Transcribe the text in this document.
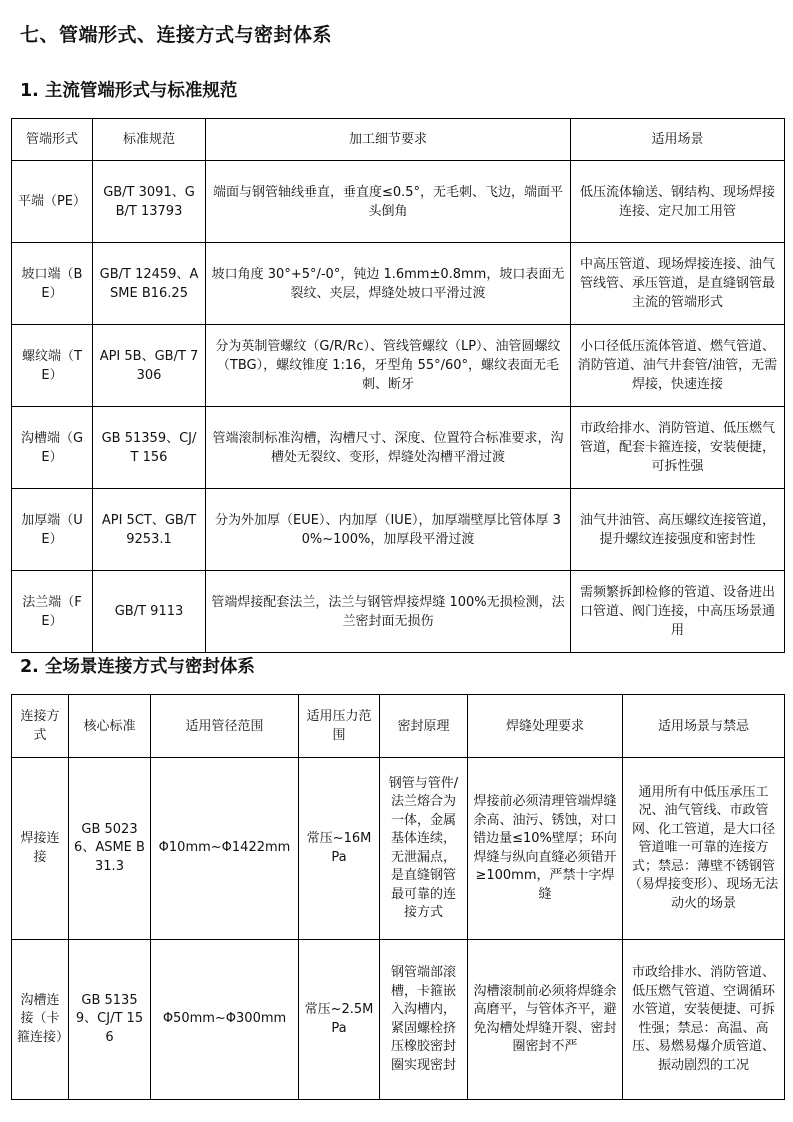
七、管端形式、连接方式与密封体系
1. 主流管端形式与标准规范
管端形式	标准规范	加工细节要求	适用场景
平端（PE）	GB/T 3091、GB/T 13793	端面与钢管轴线垂直，垂直度≤0.5°，无毛刺、飞边，端面平头倒角	低压流体输送、钢结构、现场焊接连接、定尺加工用管
坡口端（BE）	GB/T 12459、ASME B16.25	坡口角度 30°+5°/-0°，钝边 1.6mm±0.8mm，坡口表面无裂纹、夹层，焊缝处坡口平滑过渡	中高压管道、现场焊接连接、油气管线管、承压管道，是直缝钢管最主流的管端形式
螺纹端（TE）	API 5B、GB/T 7306	分为英制管螺纹（G/R/Rc）、管线管螺纹（LP）、油管圆螺纹（TBG），螺纹锥度 1:16，牙型角 55°/60°，螺纹表面无毛刺、断牙	小口径低压流体管道、燃气管道、消防管道、油气井套管/油管，无需焊接，快速连接
沟槽端（GE）	GB 51359、CJ/T 156	管端滚制标准沟槽，沟槽尺寸、深度、位置符合标准要求，沟槽处无裂纹、变形，焊缝处沟槽平滑过渡	市政给排水、消防管道、低压燃气管道，配套卡箍连接，安装便捷，可拆性强
加厚端（UE）	API 5CT、GB/T 9253.1	分为外加厚（EUE）、内加厚（IUE），加厚端壁厚比管体厚 30%~100%，加厚段平滑过渡	油气井油管、高压螺纹连接管道，提升螺纹连接强度和密封性
法兰端（FE）	GB/T 9113	管端焊接配套法兰，法兰与钢管焊接焊缝 100%无损检测，法兰密封面无损伤	需频繁拆卸检修的管道、设备进出口管道、阀门连接，中高压场景通用
2. 全场景连接方式与密封体系
连接方式	核心标准	适用管径范围	适用压力范围	密封原理	焊缝处理要求	适用场景与禁忌
焊接连接	GB 50236、ASME B31.3	Φ10mm~Φ1422mm	常压~16MPa	钢管与管件/法兰熔合为一体，金属基体连续，无泄漏点，是直缝钢管最可靠的连接方式	焊接前必须清理管端焊缝余高、油污、锈蚀，对口错边量≤10%壁厚；环向焊缝与纵向直缝必须错开≥100mm，严禁十字焊缝	通用所有中低压承压工况、油气管线、市政管网、化工管道，是大口径管道唯一可靠的连接方式；禁忌：薄壁不锈钢管（易焊接变形）、现场无法动火的场景
沟槽连接（卡箍连接）	GB 51359、CJ/T 156	Φ50mm~Φ300mm	常压~2.5MPa	钢管端部滚槽，卡箍嵌入沟槽内，紧固螺栓挤压橡胶密封圈实现密封	沟槽滚制前必须将焊缝余高磨平，与管体齐平，避免沟槽处焊缝开裂、密封圈密封不严	市政给排水、消防管道、低压燃气管道、空调循环水管道，安装便捷、可拆性强；禁忌：高温、高压、易燃易爆介质管道、振动剧烈的工况
